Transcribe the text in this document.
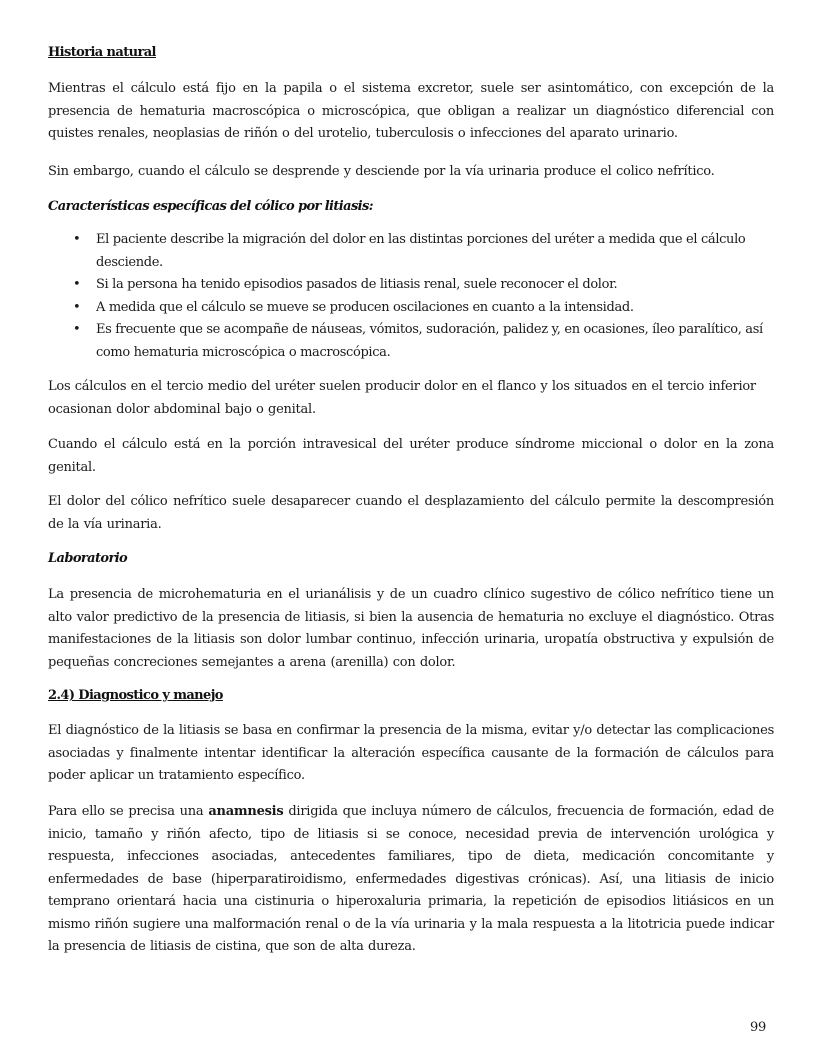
Historia natural

Mientras el cálculo está fijo en la papila o el sistema excretor, suele ser asintomático, con excepción de la presencia de hematuria macroscópica o microscópica, que obligan a realizar un diagnóstico diferencial con quistes renales, neoplasias de riñón o del urotelio, tuberculosis o infecciones del aparato urinario.

Sin embargo, cuando el cálculo se desprende y desciende por la vía urinaria produce el colico nefrítico.

Características específicas del cólico por litiasis:
• El paciente describe la migración del dolor en las distintas porciones del uréter a medida que el cálculo desciende.
• Si la persona ha tenido episodios pasados de litiasis renal, suele reconocer el dolor.
• A medida que el cálculo se mueve se producen oscilaciones en cuanto a la intensidad.
• Es frecuente que se acompañe de náuseas, vómitos, sudoración, palidez y, en ocasiones, íleo paralítico, así como hematuria microscópica o macroscópica.

Los cálculos en el tercio medio del uréter suelen producir dolor en el flanco y los situados en el tercio inferior ocasionan dolor abdominal bajo o genital.

Cuando el cálculo está en la porción intravesical del uréter produce síndrome miccional o dolor en la zona genital.

El dolor del cólico nefrítico suele desaparecer cuando el desplazamiento del cálculo permite la descompresión de la vía urinaria.

Laboratorio

La presencia de microhematuria en el urianálisis y de un cuadro clínico sugestivo de cólico nefrítico tiene un alto valor predictivo de la presencia de litiasis, si bien la ausencia de hematuria no excluye el diagnóstico. Otras manifestaciones de la litiasis son dolor lumbar continuo, infección urinaria, uropatía obstructiva y expulsión de pequeñas concreciones semejantes a arena (arenilla) con dolor.

2.4) Diagnostico y manejo

El diagnóstico de la litiasis se basa en confirmar la presencia de la misma, evitar y/o detectar las complicaciones asociadas y finalmente intentar identificar la alteración específica causante de la formación de cálculos para poder aplicar un tratamiento específico.

Para ello se precisa una anamnesis dirigida que incluya número de cálculos, frecuencia de formación, edad de inicio, tamaño y riñón afecto, tipo de litiasis si se conoce, necesidad previa de intervención urológica y respuesta, infecciones asociadas, antecedentes familiares, tipo de dieta, medicación concomitante y enfermedades de base (hiperparatiroidismo, enfermedades digestivas crónicas). Así, una litiasis de inicio temprano orientará hacia una cistinuria o hiperoxaluria primaria, la repetición de episodios litiásicos en un mismo riñón sugiere una malformación renal o de la vía urinaria y la mala respuesta a la litotricia puede indicar la presencia de litiasis de cistina, que son de alta dureza.

99
